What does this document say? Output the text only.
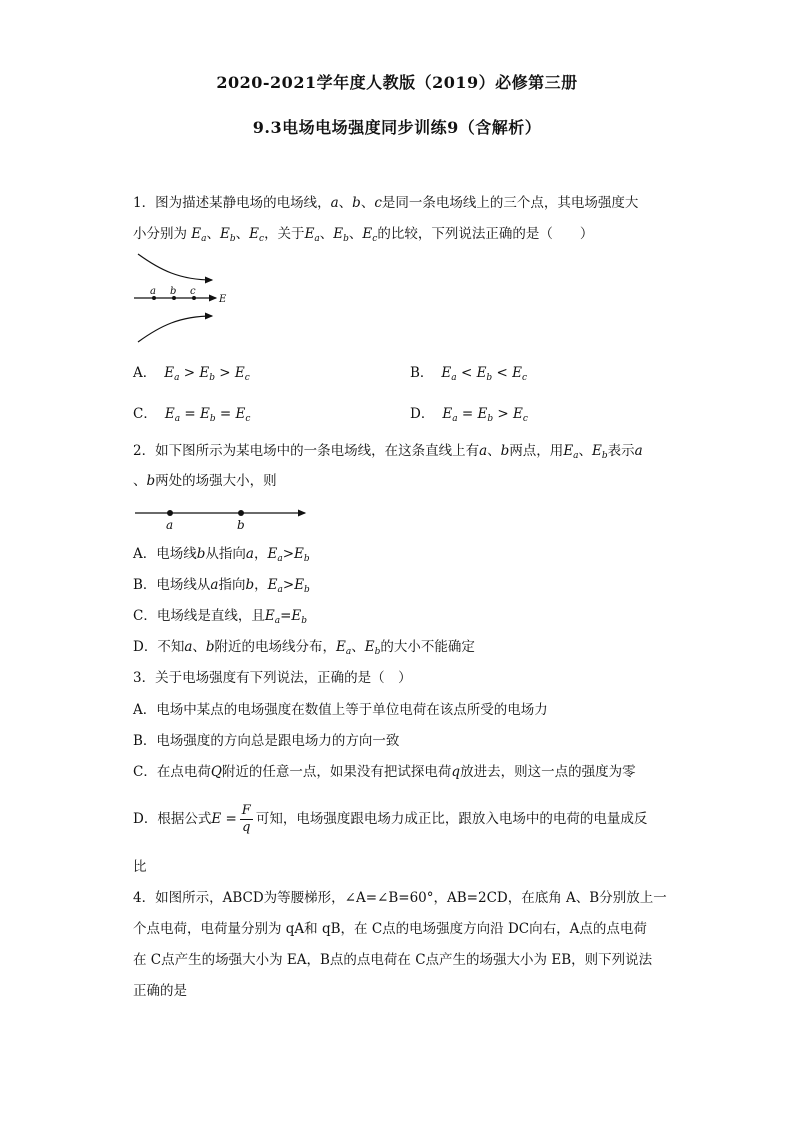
2020-2021学年度人教版（2019）必修第三册
9.3电场电场强度同步训练9（含解析）
1．图为描述某静电场的电场线，a、b、c是同一条电场线上的三个点，其电场强度大
小分别为 $E_a$、$E_b$、$E_c$，关于$E_a$、$E_b$、$E_c$的比较，下列说法正确的是（　　）
a b c
E
A． $E_a > E_b > E_c$	B． $E_a < E_b < E_c$
C． $E_a = E_b = E_c$	D． $E_a = E_b > E_c$
2．如下图所示为某电场中的一条电场线，在这条直线上有a、b两点，用$E_a$、$E_b$表示a
、b两处的场强大小，则
a	b
A．电场线b从指向a，$E_a>E_b$
B．电场线从a指向b，$E_a>E_b$
C．电场线是直线，且$E_a=E_b$
D．不知a、b附近的电场线分布，$E_a$、$E_b$的大小不能确定
3．关于电场强度有下列说法，正确的是（　）
A．电场中某点的电场强度在数值上等于单位电荷在该点所受的电场力
B．电场强度的方向总是跟电场力的方向一致
C．在点电荷Q附近的任意一点，如果没有把试探电荷q放进去，则这一点的强度为零
D．根据公式$E = \frac{F}{q}$ 可知，电场强度跟电场力成正比，跟放入电场中的电荷的电量成反
比
4．如图所示，ABCD为等腰梯形，∠A=∠B=60°，AB=2CD，在底角 A、B分别放上一
个点电荷，电荷量分别为 qA和 qB，在 C点的电场强度方向沿 DC向右，A点的点电荷
在 C点产生的场强大小为 EA，B点的点电荷在 C点产生的场强大小为 EB，则下列说法
正确的是
